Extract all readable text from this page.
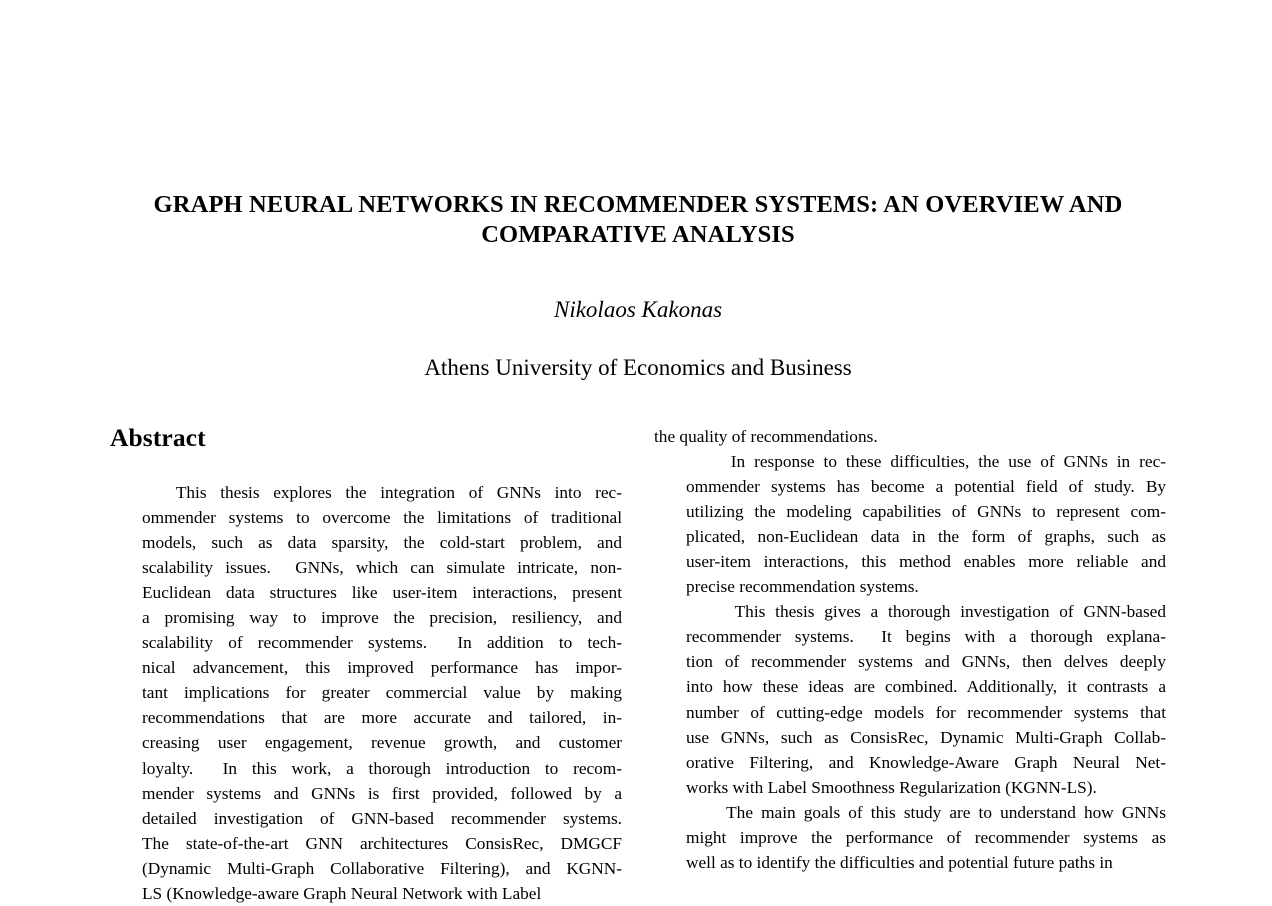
GRAPH NEURAL NETWORKS IN RECOMMENDER SYSTEMS: AN OVERVIEW AND
COMPARATIVE ANALYSIS

Nikolaos Kakonas

Athens University of Economics and Business

Abstract
This  thesis  explores  the  integration  of  GNNs  into  rec-
ommender systems to overcome the limitations of traditional
models,  such  as  data  sparsity,  the  cold-start  problem,  and
scalability issues.  GNNs, which can simulate intricate, non-
Euclidean data structures like user-item interactions, present
a  promising  way  to  improve  the  precision,  resiliency,  and
scalability  of  recommender  systems.    In  addition  to  tech-
nical  advancement,  this  improved  performance  has  impor-
tant  implications  for  greater  commercial  value  by  making
recommendations  that  are  more  accurate  and  tailored,  in-
creasing  user  engagement,  revenue  growth,  and  customer
loyalty.    In  this  work,  a  thorough  introduction  to  recom-
mender systems and GNNs is first provided, followed by a
detailed investigation of GNN-based recommender systems.
The state-of-the-art GNN architectures ConsisRec, DMGCF
(Dynamic Multi-Graph Collaborative Filtering), and KGNN-
LS (Knowledge-aware Graph Neural Network with Label
the quality of recommendations.
In response to these difficulties, the use of GNNs in rec-
ommender systems has become a potential field of study. By
utilizing the modeling capabilities of GNNs to represent com-
plicated,  non-Euclidean  data  in  the  form  of  graphs,  such  as
user-item  interactions,  this  method  enables  more  reliable  and
precise recommendation systems.
This thesis gives a thorough investigation of GNN-based
recommender  systems.    It  begins  with  a  thorough  explana-
tion of recommender systems and GNNs, then delves deeply
into how these ideas are combined. Additionally, it contrasts a
number of cutting-edge models for recommender systems that
use GNNs, such as ConsisRec, Dynamic Multi-Graph Collab-
orative Filtering, and Knowledge-Aware Graph Neural Net-
works with Label Smoothness Regularization (KGNN-LS).
The main goals of this study are to understand how GNNs
might  improve  the  performance  of  recommender  systems  as
well as to identify the difficulties and potential future paths in
